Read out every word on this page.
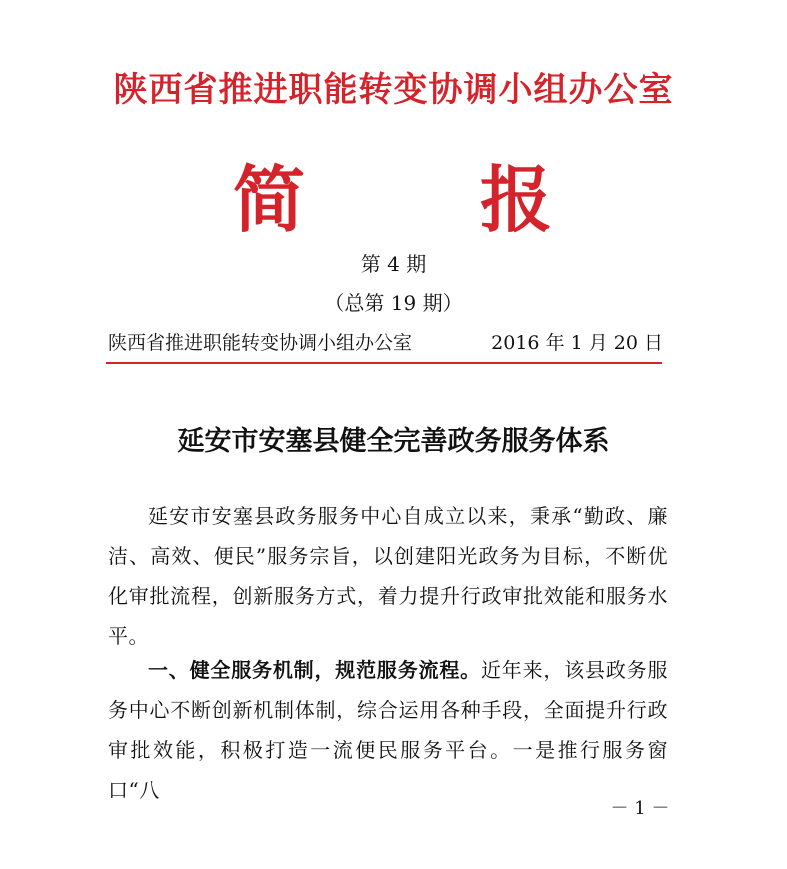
陕西省推进职能转变协调小组办公室
简 报
第 4 期
（总第 19 期）
陕西省推进职能转变协调小组办公室	2016 年 1 月 20 日
延安市安塞县健全完善政务服务体系
延安市安塞县政务服务中心自成立以来，秉承“勤政、廉洁、高效、便民”服务宗旨，以创建阳光政务为目标，不断优化审批流程，创新服务方式，着力提升行政审批效能和服务水平。
一、健全服务机制，规范服务流程。近年来，该县政务服务中心不断创新机制体制，综合运用各种手段，全面提升行政审批效能，积极打造一流便民服务平台。一是推行服务窗口“八
－ 1 －
